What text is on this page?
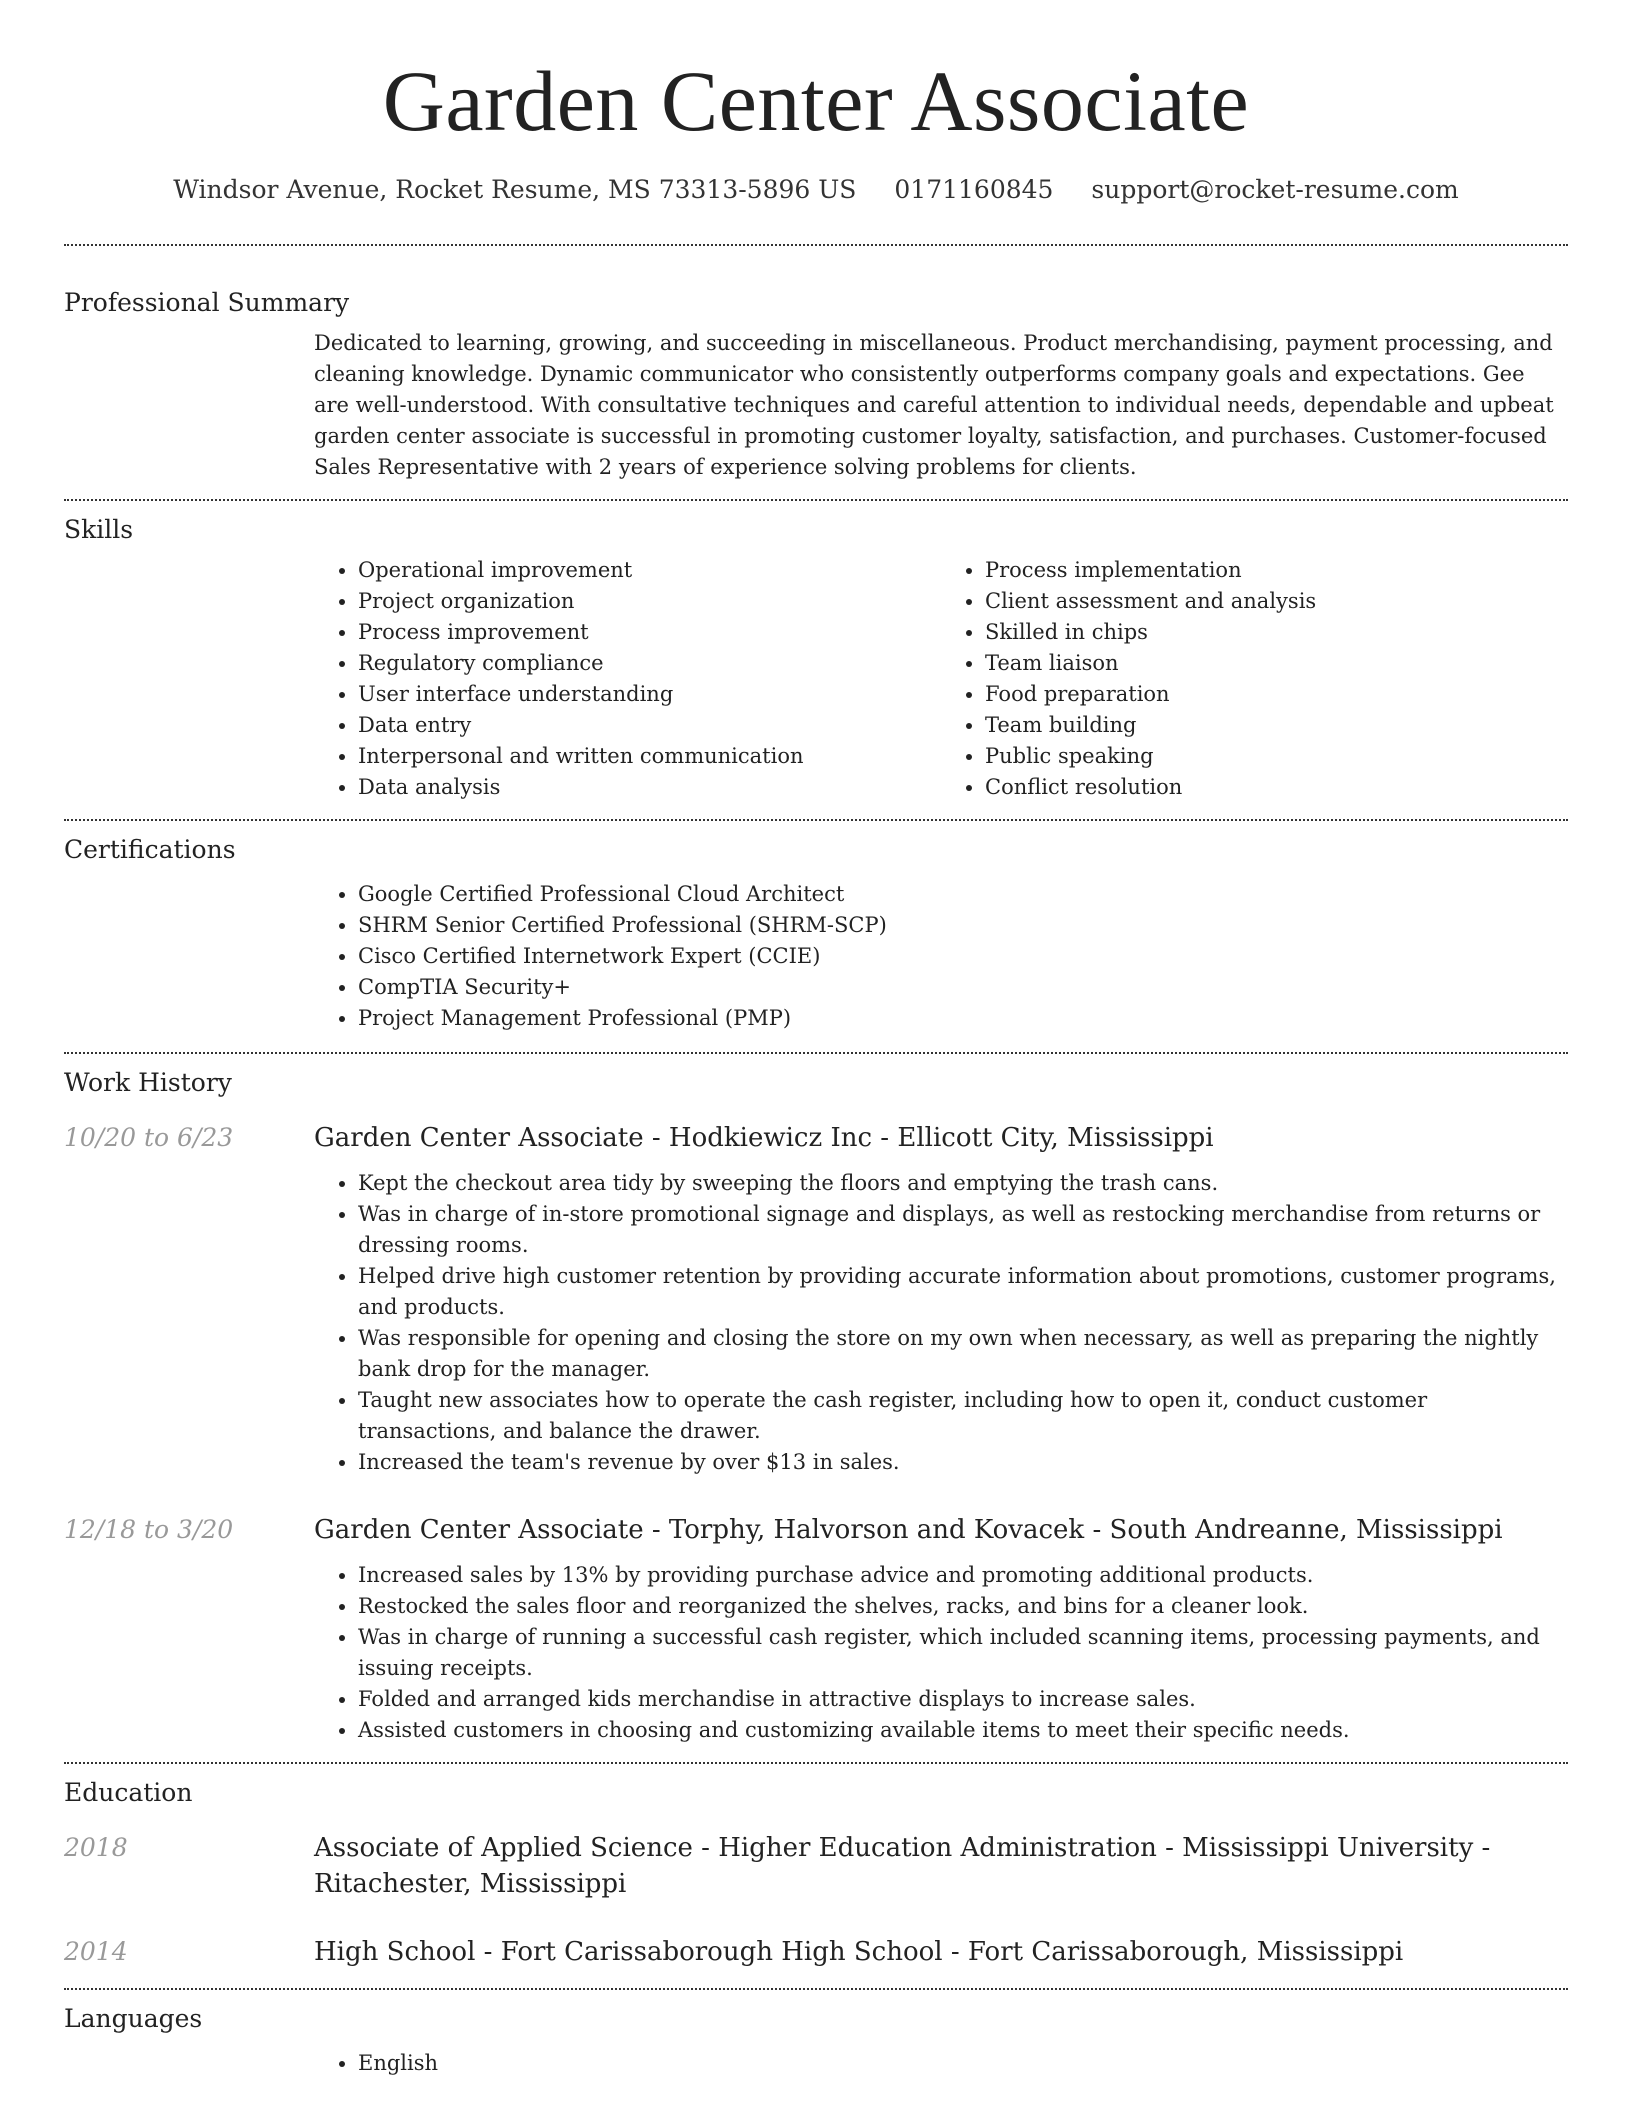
Garden Center Associate
Windsor Avenue, Rocket Resume, MS 73313-5896 US 0171160845 support@rocket-resume.com
Professional Summary

Dedicated to learning, growing, and succeeding in miscellaneous. Product merchandising, payment processing, and cleaning knowledge. Dynamic communicator who consistently outperforms company goals and expectations. Gee are well-understood. With consultative techniques and careful attention to individual needs, dependable and upbeat garden center associate is successful in promoting customer loyalty, satisfaction, and purchases. Customer-focused Sales Representative with 2 years of experience solving problems for clients.

Skills
• Operational improvement
• Project organization
• Process improvement
• Regulatory compliance
• User interface understanding
• Data entry
• Interpersonal and written communication
• Data analysis
• Process implementation
• Client assessment and analysis
• Skilled in chips
• Team liaison
• Food preparation
• Team building
• Public speaking
• Conflict resolution
Certifications
• Google Certified Professional Cloud Architect
• SHRM Senior Certified Professional (SHRM-SCP)
• Cisco Certified Internetwork Expert (CCIE)
• CompTIA Security+
• Project Management Professional (PMP)
Work History
10/20 to 6/23	Garden Center Associate - Hodkiewicz Inc - Ellicott City, Mississippi
• Kept the checkout area tidy by sweeping the floors and emptying the trash cans.
• Was in charge of in-store promotional signage and displays, as well as restocking merchandise from returns or dressing rooms.
• Helped drive high customer retention by providing accurate information about promotions, customer programs, and products.
• Was responsible for opening and closing the store on my own when necessary, as well as preparing the nightly bank drop for the manager.
• Taught new associates how to operate the cash register, including how to open it, conduct customer transactions, and balance the drawer.
• Increased the team's revenue by over $13 in sales.
12/18 to 3/20	Garden Center Associate - Torphy, Halvorson and Kovacek - South Andreanne, Mississippi
• Increased sales by 13% by providing purchase advice and promoting additional products.
• Restocked the sales floor and reorganized the shelves, racks, and bins for a cleaner look.
• Was in charge of running a successful cash register, which included scanning items, processing payments, and issuing receipts.
• Folded and arranged kids merchandise in attractive displays to increase sales.
• Assisted customers in choosing and customizing available items to meet their specific needs.
Education
2018	Associate of Applied Science - Higher Education Administration - Mississippi University - Ritachester, Mississippi
2014	High School - Fort Carissaborough High School - Fort Carissaborough, Mississippi
Languages
• English
